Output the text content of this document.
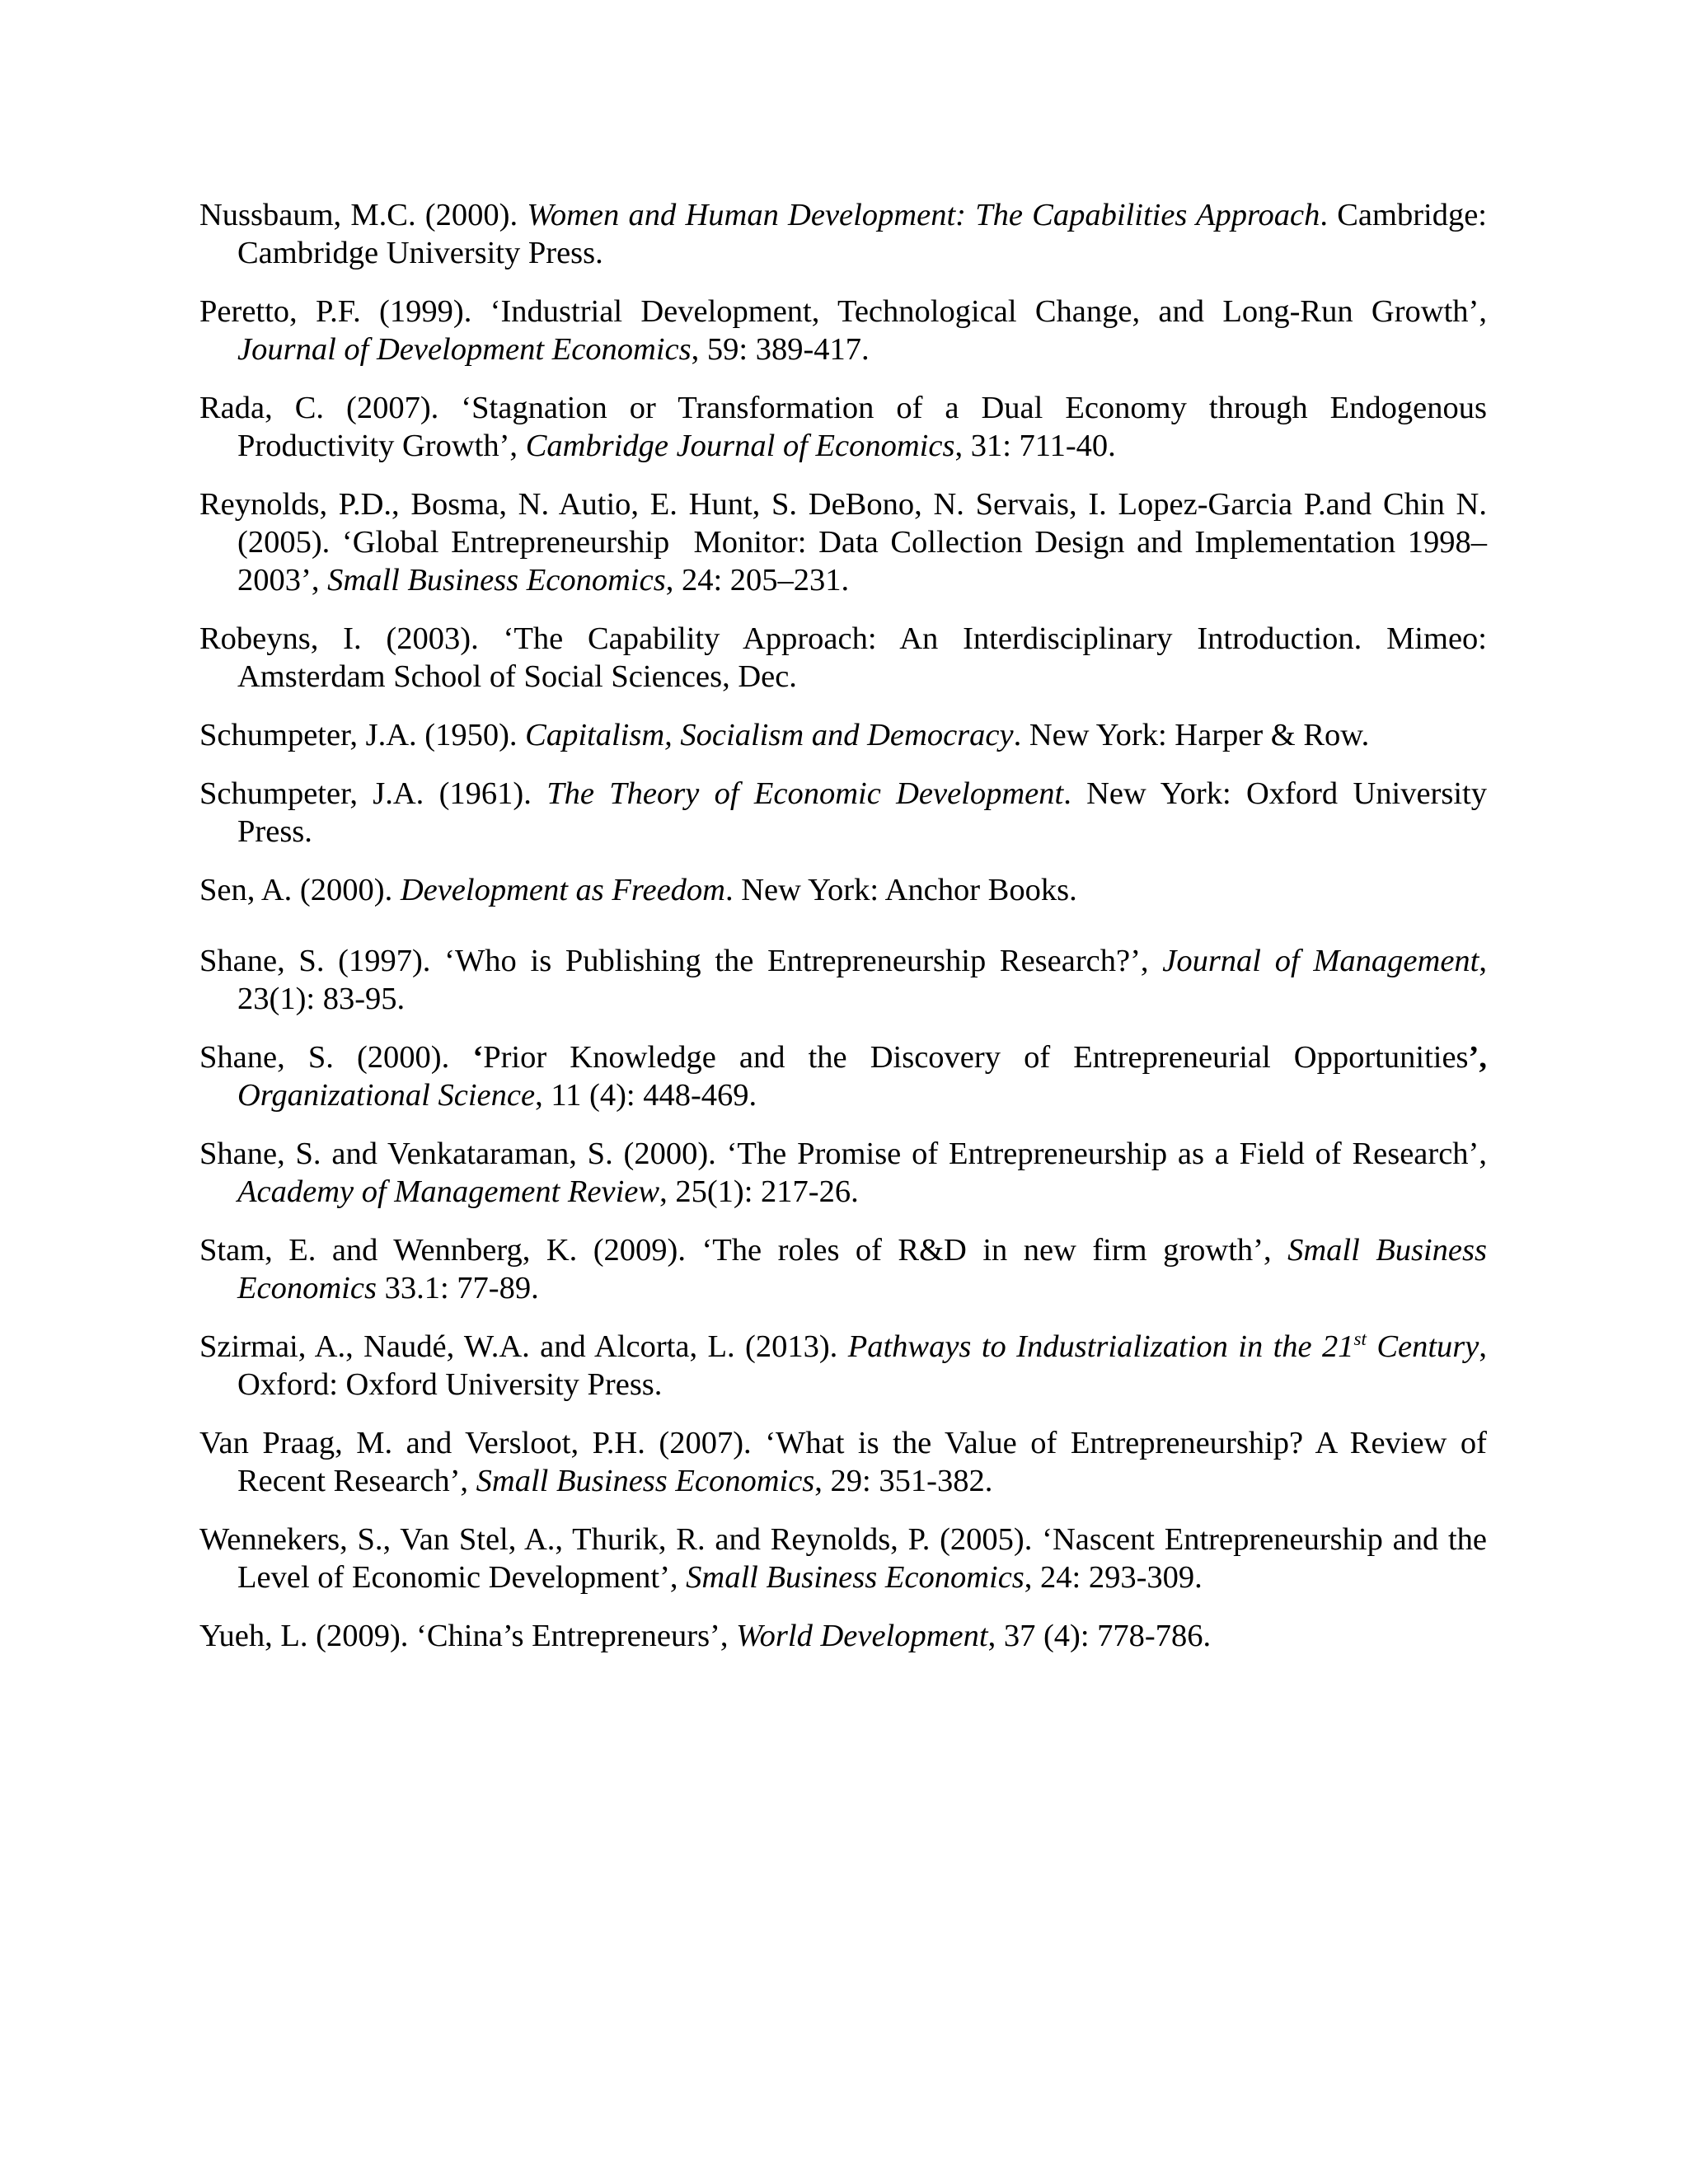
Nussbaum, M.C. (2000). Women and Human Development: The Capabilities Approach. Cambridge: Cambridge University Press.

Peretto, P.F. (1999). ‘Industrial Development, Technological Change, and Long-Run Growth’, Journal of Development Economics, 59: 389-417.

Rada, C. (2007). ‘Stagnation or Transformation of a Dual Economy through Endogenous Productivity Growth’, Cambridge Journal of Economics, 31: 711-40.

Reynolds, P.D., Bosma, N. Autio, E. Hunt, S. DeBono, N. Servais, I. Lopez-Garcia P.and Chin N. (2005). ‘Global Entrepreneurship  Monitor: Data Collection Design and Implementation 1998–2003’, Small Business Economics, 24: 205–231.

Robeyns, I. (2003). ‘The Capability Approach: An Interdisciplinary Introduction. Mimeo: Amsterdam School of Social Sciences, Dec.

Schumpeter, J.A. (1950). Capitalism, Socialism and Democracy. New York: Harper & Row.

Schumpeter, J.A. (1961). The Theory of Economic Development. New York: Oxford University Press.

Sen, A. (2000). Development as Freedom. New York: Anchor Books.

Shane, S. (1997). ‘Who is Publishing the Entrepreneurship Research?’, Journal of Management, 23(1): 83-95.

Shane, S. (2000). ‘Prior Knowledge and the Discovery of Entrepreneurial Opportunities’, Organizational Science, 11 (4): 448-469.

Shane, S. and Venkataraman, S. (2000). ‘The Promise of Entrepreneurship as a Field of Research’, Academy of Management Review, 25(1): 217-26.

Stam, E. and Wennberg, K. (2009). ‘The roles of R&D in new firm growth’, Small Business Economics 33.1: 77-89.

Szirmai, A., Naudé, W.A. and Alcorta, L. (2013). Pathways to Industrialization in the 21st Century, Oxford: Oxford University Press.

Van Praag, M. and Versloot, P.H. (2007). ‘What is the Value of Entrepreneurship? A Review of Recent Research’, Small Business Economics, 29: 351-382.

Wennekers, S., Van Stel, A., Thurik, R. and Reynolds, P. (2005). ‘Nascent Entrepreneurship and the Level of Economic Development’, Small Business Economics, 24: 293-309.

Yueh, L. (2009). ‘China’s Entrepreneurs’, World Development, 37 (4): 778-786.
